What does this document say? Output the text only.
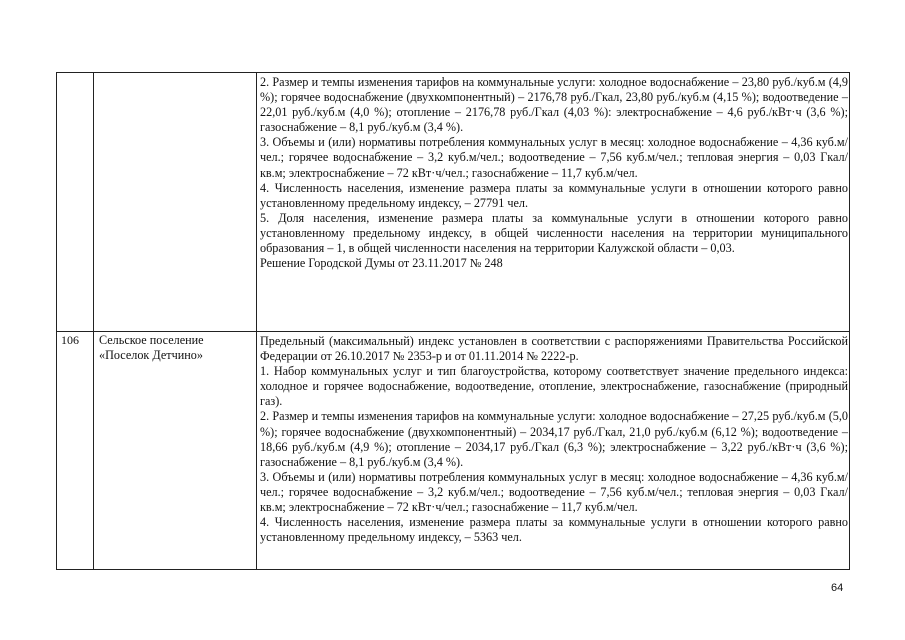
2. Размер и темпы изменения тарифов на коммунальные услуги: холодное водоснабжение – 23,80 руб./куб.м (4,9 %); горячее водоснабжение (двухкомпонентный) – 2176,78 руб./Гкал, 23,80 руб./куб.м (4,15 %); водоотведение – 22,01 руб./куб.м (4,0 %); отопление – 2176,78 руб./Гкал (4,03 %): электроснабжение – 4,6 руб./кВт·ч (3,6 %); газоснабжение – 8,1 руб./куб.м (3,4 %).

3. Объемы и (или) нормативы потребления коммунальных услуг в месяц: холодное водоснабжение – 4,36 куб.м/чел.; горячее водоснабжение – 3,2 куб.м/чел.; водоотведение – 7,56 куб.м/чел.; тепловая энергия – 0,03 Гкал/кв.м; электроснабжение – 72 кВт·ч/чел.; газоснабжение – 11,7 куб.м/чел.

4. Численность населения, изменение размера платы за коммунальные услуги в отношении которого равно установленному предельному индексу, – 27791 чел.

5. Доля населения, изменение размера платы за коммунальные услуги в отношении которого равно установленному предельному индексу, в общей численности населения на территории муниципального образования – 1, в общей численности населения на территории Калужской области – 0,03.

Решение Городской Думы от 23.11.2017 № 248

106	Сельское поселение

«Поселок Детчино»

Предельный (максимальный) индекс установлен в соответствии с распоряжениями Правительства Российской Федерации от 26.10.2017 № 2353-р и от 01.11.2014 № 2222-р.

1. Набор коммунальных услуг и тип благоустройства, которому соответствует значение предельного индекса: холодное и горячее водоснабжение, водоотведение, отопление, электроснабжение, газоснабжение (природный газ).

2. Размер и темпы изменения тарифов на коммунальные услуги: холодное водоснабжение – 27,25 руб./куб.м (5,0 %); горячее водоснабжение (двухкомпонентный) – 2034,17 руб./Гкал, 21,0 руб./куб.м (6,12 %); водоотведение – 18,66 руб./куб.м (4,9 %); отопление – 2034,17 руб./Гкал (6,3 %); электроснабжение – 3,22 руб./кВт·ч (3,6 %); газоснабжение – 8,1 руб./куб.м (3,4 %).

3. Объемы и (или) нормативы потребления коммунальных услуг в месяц: холодное водоснабжение – 4,36 куб.м/чел.; горячее водоснабжение – 3,2 куб.м/чел.; водоотведение – 7,56 куб.м/чел.; тепловая энергия – 0,03 Гкал/кв.м; электроснабжение – 72 кВт·ч/чел.; газоснабжение – 11,7 куб.м/чел.

4. Численность населения, изменение размера платы за коммунальные услуги в отношении которого равно установленному предельному индексу, – 5363 чел.

64
